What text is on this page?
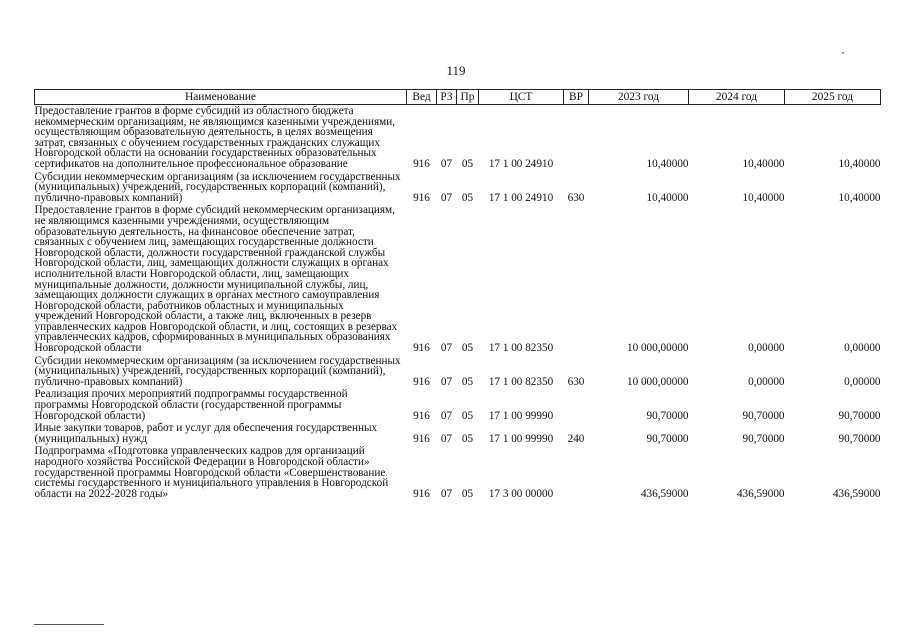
119
Наименование	Вед	РЗ	Пр	ЦСТ	ВР	2023 год	2024 год	2025 год

Предоставление грантов в форме субсидий из областного бюджета некоммерческим организациям, не являющимся казенными учреждениями, осуществляющим образовательную деятельность, в целях возмещения затрат, связанных с обучением государственных гражданских служащих Новгородской области на основании государственных образовательных сертификатов на дополнительное профессиональное образование	916	07	05	17 1 00 24910		10,40000	10,40000	10,40000

Субсидии некоммерческим организациям (за исключением государственных (муниципальных) учреждений, государственных корпораций (компаний), публично-правовых компаний)	916	07	05	17 1 00 24910	630	10,40000	10,40000	10,40000

Предоставление грантов в форме субсидий некоммерческим организациям, не являющимся казенными учреждениями, осуществляющим образовательную деятельность, на финансовое обеспечение затрат, связанных с обучением лиц, замещающих государственные должности Новгородской области, должности государственной гражданской службы Новгородской области, лиц, замещающих должности служащих в органах исполнительной власти Новгородской области, лиц, замещающих муниципальные должности, должности муниципальной службы, лиц, замещающих должности служащих в органах местного самоуправления Новгородской области, работников областных и муниципальных учреждений Новгородской области, а также лиц, включенных в резерв управленческих кадров Новгородской области, и лиц, состоящих в резервах управленческих кадров, сформированных в муниципальных образованиях Новгородской области	916	07	05	17 1 00 82350		10 000,00000	0,00000	0,00000

Субсидии некоммерческим организациям (за исключением государственных (муниципальных) учреждений, государственных корпораций (компаний), публично-правовых компаний)	916	07	05	17 1 00 82350	630	10 000,00000	0,00000	0,00000

Реализация прочих мероприятий подпрограммы государственной программы Новгородской области (государственной программы Новгородской области)	916	07	05	17 1 00 99990		90,70000	90,70000	90,70000

Иные закупки товаров, работ и услуг для обеспечения государственных (муниципальных) нужд	916	07	05	17 1 00 99990	240	90,70000	90,70000	90,70000

Подпрограмма «Подготовка управленческих кадров для организаций народного хозяйства Российской Федерации в Новгородской области» государственной программы Новгородской области «Совершенствование системы государственного и муниципального управления в Новгородской области на 2022-2028 годы»	916	07	05	17 3 00 00000		436,59000	436,59000	436,59000
